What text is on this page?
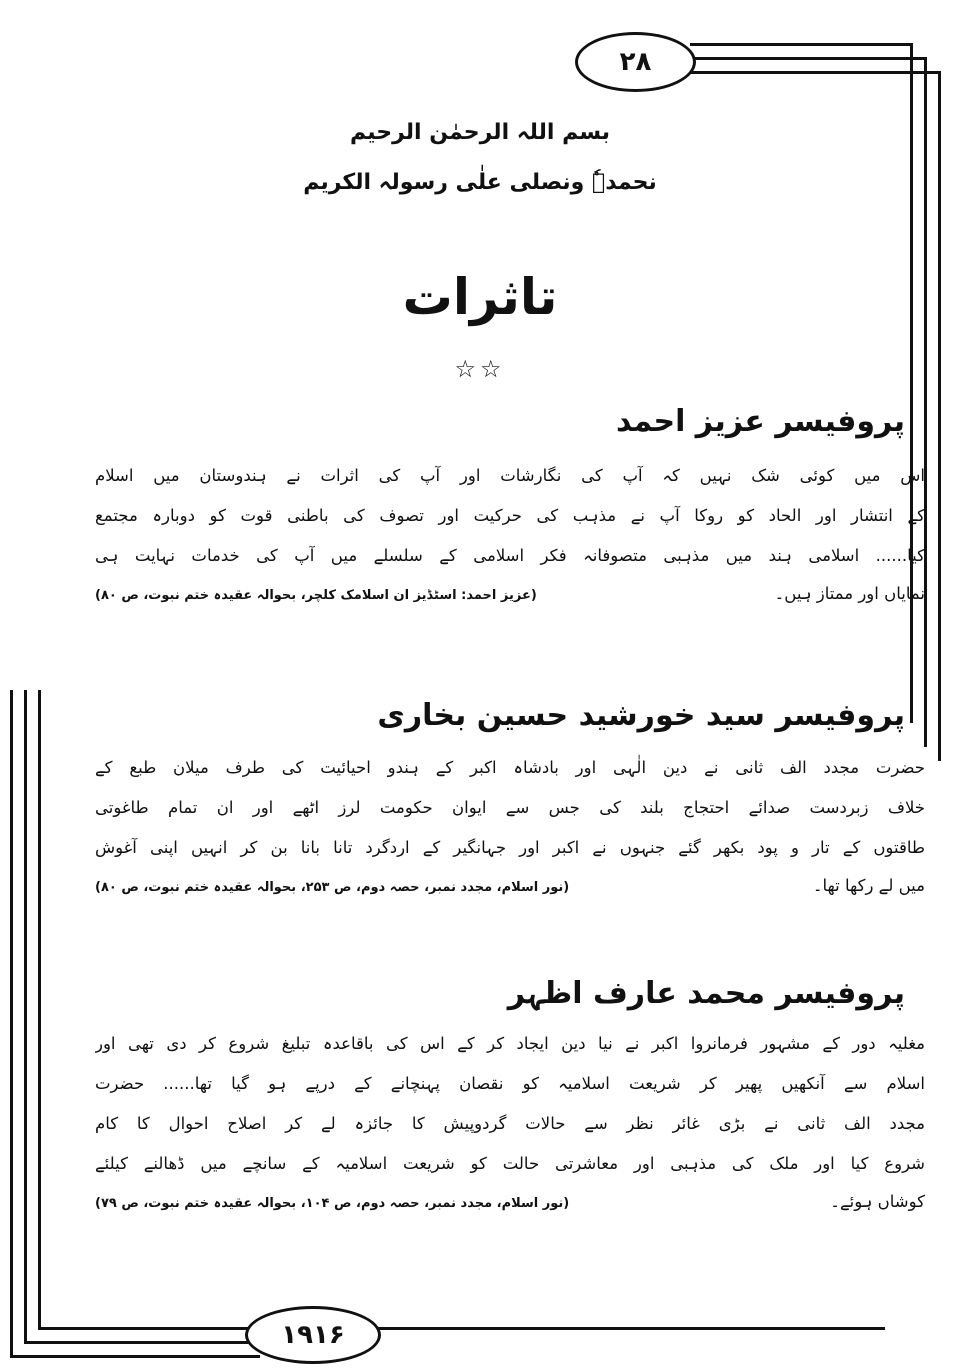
۲۸
۱۹۱۶
بسم اللہ الرحمٰن الرحیم
نحمدہٗ ونصلی علٰی رسولہ الکریم
تاثرات
☆☆
پروفیسر عزیز احمد
اس میں کوئی شک نہیں کہ آپ کی نگارشات اور آپ کی اثرات نے ہندوستان میں اسلام
کے انتشار اور الحاد کو روکا آپ نے مذہب کی حرکیت اور تصوف کی باطنی قوت کو دوبارہ مجتمع
کیا...... اسلامی ہند میں مذہبی متصوفانہ فکر اسلامی کے سلسلے میں آپ کی خدمات نہایت ہی
نمایاں اور ممتاز ہیں۔
(عزیز احمد: اسٹڈیز ان اسلامک کلچر، بحوالہ عقیدہ ختم نبوت، ص ۸۰)
پروفیسر سید خورشید حسین بخاری
حضرت مجدد الف ثانی نے دین الٰہی اور بادشاہ اکبر کے ہندو احیائیت کی طرف میلان طبع کے
خلاف زبردست صدائے احتجاج بلند کی جس سے ایوان حکومت لرز اٹھے اور ان تمام طاغوتی
طاقتوں کے تار و پود بکھر گئے جنہوں نے اکبر اور جہانگیر کے اردگرد تانا بانا بن کر انہیں اپنی آغوش
میں لے رکھا تھا۔
(نور اسلام، مجدد نمبر، حصہ دوم، ص ۲۵۳، بحوالہ عقیدہ ختم نبوت، ص ۸۰)
پروفیسر محمد عارف اظہر
مغلیہ دور کے مشہور فرمانروا اکبر نے نیا دین ایجاد کر کے اس کی باقاعدہ تبلیغ شروع کر دی تھی اور
اسلام سے آنکھیں پھیر کر شریعت اسلامیہ کو نقصان پہنچانے کے درپے ہو گیا تھا...... حضرت
مجدد الف ثانی نے بڑی غائر نظر سے حالات گردوپیش کا جائزہ لے کر اصلاح احوال کا کام
شروع کیا اور ملک کی مذہبی اور معاشرتی حالت کو شریعت اسلامیہ کے سانچے میں ڈھالنے کیلئے
کوشاں ہوئے۔
(نور اسلام، مجدد نمبر، حصہ دوم، ص ۱۰۴، بحوالہ عقیدہ ختم نبوت، ص ۷۹)
